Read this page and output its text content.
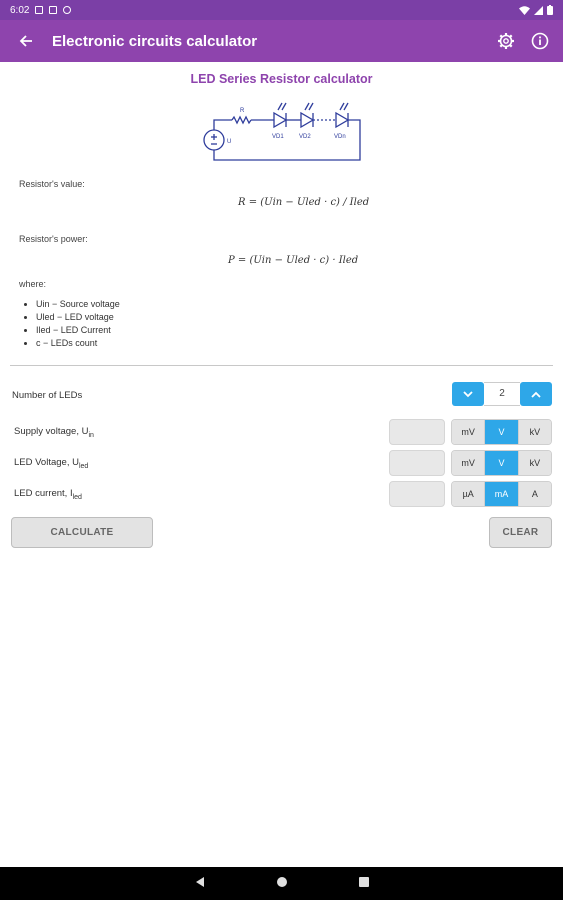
6:02
Electronic circuits calculator
LED Series Resistor calculator
R
U
VD1	VD2	VDn
Resistor's value:
R = (Uin − Uled · c) / Iled
Resistor's power:
P = (Uin − Uled · c) · Iled
where:
• Uin − Source voltage
• Uled − LED voltage
• Iled − LED Current
• c − LEDs count
Number of LEDs	2
Supply voltage, $U_{in}$	mV	V	kV
LED Voltage, $U_{led}$	mV	V	kV
LED current, $I_{led}$	µA	mA	A
CALCULATE	CLEAR
